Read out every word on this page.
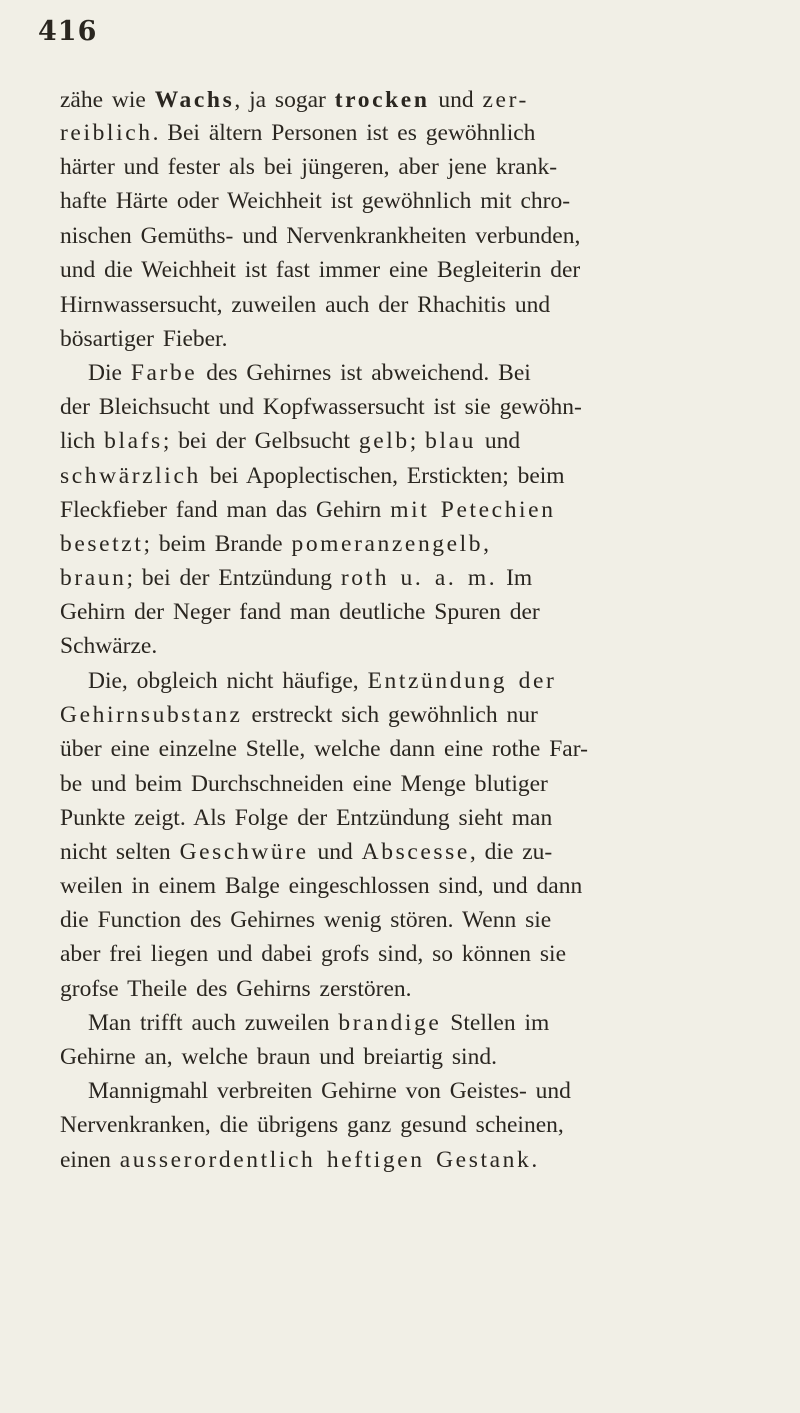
416
zähe wie Wachs, ja sogar trocken und zer-
reiblich. Bei ältern Personen ist es gewöhnlich
härter und fester als bei jüngeren, aber jene krank-
hafte Härte oder Weichheit ist gewöhnlich mit chro-
nischen Gemüths- und Nervenkrankheiten verbunden,
und die Weichheit ist fast immer eine Begleiterin der
Hirnwassersucht, zuweilen auch der Rhachitis und
bösartiger Fieber.
Die Farbe des Gehirnes ist abweichend. Bei
der Bleichsucht und Kopfwassersucht ist sie gewöhn-
lich blafs; bei der Gelbsucht gelb; blau und
schwärzlich bei Apoplectischen, Erstickten; beim
Fleckfieber fand man das Gehirn mit Petechien
besetzt; beim Brande pomeranzengelb,
braun; bei der Entzündung roth u. a. m. Im
Gehirn der Neger fand man deutliche Spuren der
Schwärze.
Die, obgleich nicht häufige, Entzündung der
Gehirnsubstanz erstreckt sich gewöhnlich nur
über eine einzelne Stelle, welche dann eine rothe Far-
be und beim Durchschneiden eine Menge blutiger
Punkte zeigt. Als Folge der Entzündung sieht man
nicht selten Geschwüre und Abscesse, die zu-
weilen in einem Balge eingeschlossen sind, und dann
die Function des Gehirnes wenig stören. Wenn sie
aber frei liegen und dabei grofs sind, so können sie
grofse Theile des Gehirns zerstören.
Man trifft auch zuweilen brandige Stellen im
Gehirne an, welche braun und breiartig sind.
Mannigmahl verbreiten Gehirne von Geistes- und
Nervenkranken, die übrigens ganz gesund scheinen,
einen ausserordentlich heftigen Gestank.
